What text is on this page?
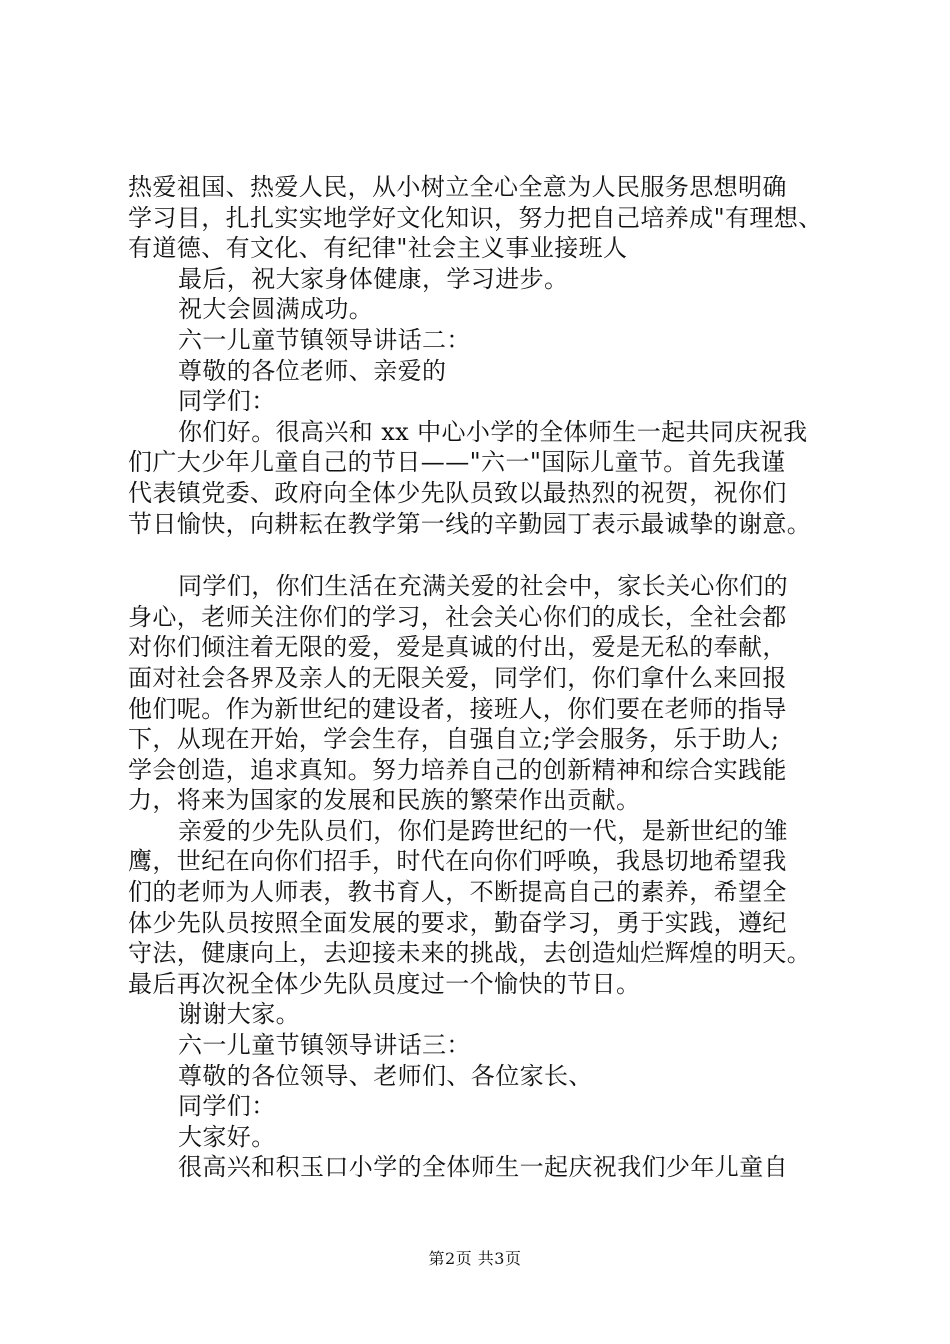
热爱祖国、热爱人民，从小树立全心全意为人民服务思想明确
学习目，扎扎实实地学好文化知识，努力把自己培养成"有理想、
有道德、有文化、有纪律"社会主义事业接班人
最后，祝大家身体健康，学习进步。
祝大会圆满成功。
六一儿童节镇领导讲话二：
尊敬的各位老师、亲爱的
同学们：
你们好。很高兴和 xx 中心小学的全体师生一起共同庆祝我
们广大少年儿童自己的节日——"六一"国际儿童节。首先我谨
代表镇党委、政府向全体少先队员致以最热烈的祝贺，祝你们
节日愉快，向耕耘在教学第一线的辛勤园丁表示最诚挚的谢意。
同学们，你们生活在充满关爱的社会中，家长关心你们的
身心，老师关注你们的学习，社会关心你们的成长，全社会都
对你们倾注着无限的爱，爱是真诚的付出，爱是无私的奉献，
面对社会各界及亲人的无限关爱，同学们，你们拿什么来回报
他们呢。作为新世纪的建设者，接班人，你们要在老师的指导
下，从现在开始，学会生存，自强自立;学会服务，乐于助人;
学会创造，追求真知。努力培养自己的创新精神和综合实践能
力，将来为国家的发展和民族的繁荣作出贡献。
亲爱的少先队员们，你们是跨世纪的一代，是新世纪的雏
鹰，世纪在向你们招手，时代在向你们呼唤，我恳切地希望我
们的老师为人师表，教书育人，不断提高自己的素养，希望全
体少先队员按照全面发展的要求，勤奋学习，勇于实践，遵纪
守法，健康向上，去迎接未来的挑战，去创造灿烂辉煌的明天。
最后再次祝全体少先队员度过一个愉快的节日。
谢谢大家。
六一儿童节镇领导讲话三：
尊敬的各位领导、老师们、各位家长、
同学们：
大家好。
很高兴和积玉口小学的全体师生一起庆祝我们少年儿童自
第2页 共3页
